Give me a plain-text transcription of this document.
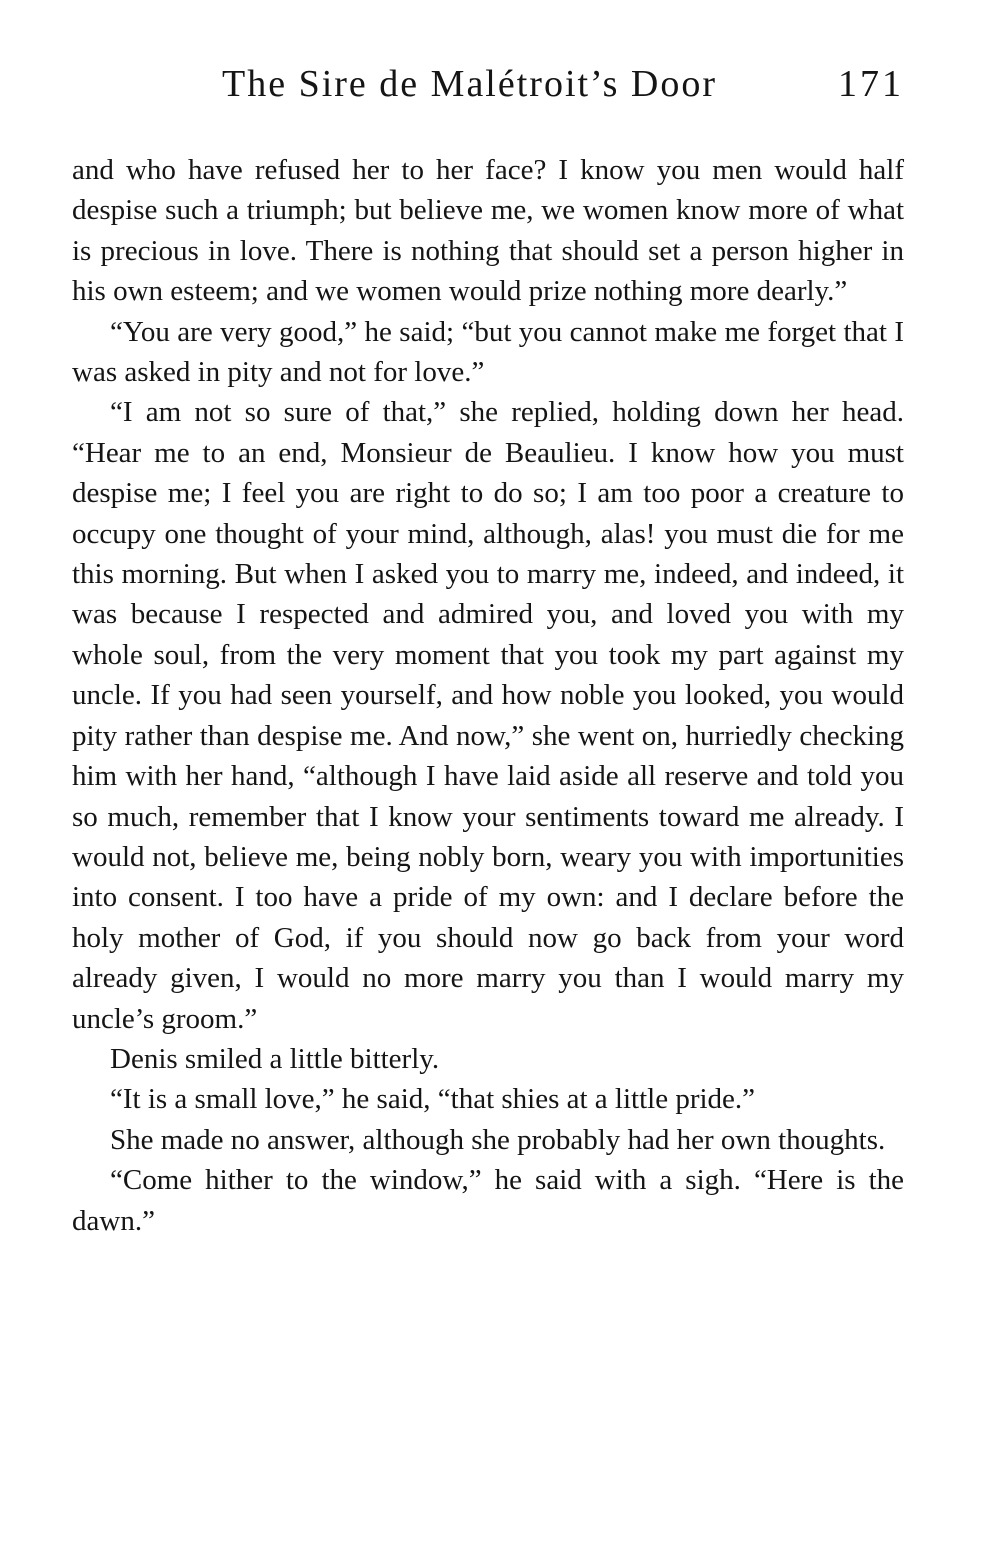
The Sire de Malétroit’s Door	171

and who have refused her to her face? I know you men would half despise such a triumph; but believe me, we women know more of what is precious in love. There is nothing that should set a person higher in his own esteem; and we women would prize nothing more dearly.”

“You are very good,” he said; “but you cannot make me forget that I was asked in pity and not for love.”

“I am not so sure of that,” she replied, holding down her head. “Hear me to an end, Monsieur de Beaulieu. I know how you must despise me; I feel you are right to do so; I am too poor a creature to occupy one thought of your mind, although, alas! you must die for me this morning. But when I asked you to marry me, indeed, and indeed, it was because I respected and admired you, and loved you with my whole soul, from the very moment that you took my part against my uncle. If you had seen yourself, and how noble you looked, you would pity rather than despise me. And now,” she went on, hurriedly checking him with her hand, “although I have laid aside all reserve and told you so much, remember that I know your sentiments toward me already. I would not, believe me, being nobly born, weary you with importunities into consent. I too have a pride of my own: and I declare before the holy mother of God, if you should now go back from your word already given, I would no more marry you than I would marry my uncle’s groom.”

Denis smiled a little bitterly.

“It is a small love,” he said, “that shies at a little pride.”

She made no answer, although she probably had her own thoughts.

“Come hither to the window,” he said with a sigh. “Here is the dawn.”
